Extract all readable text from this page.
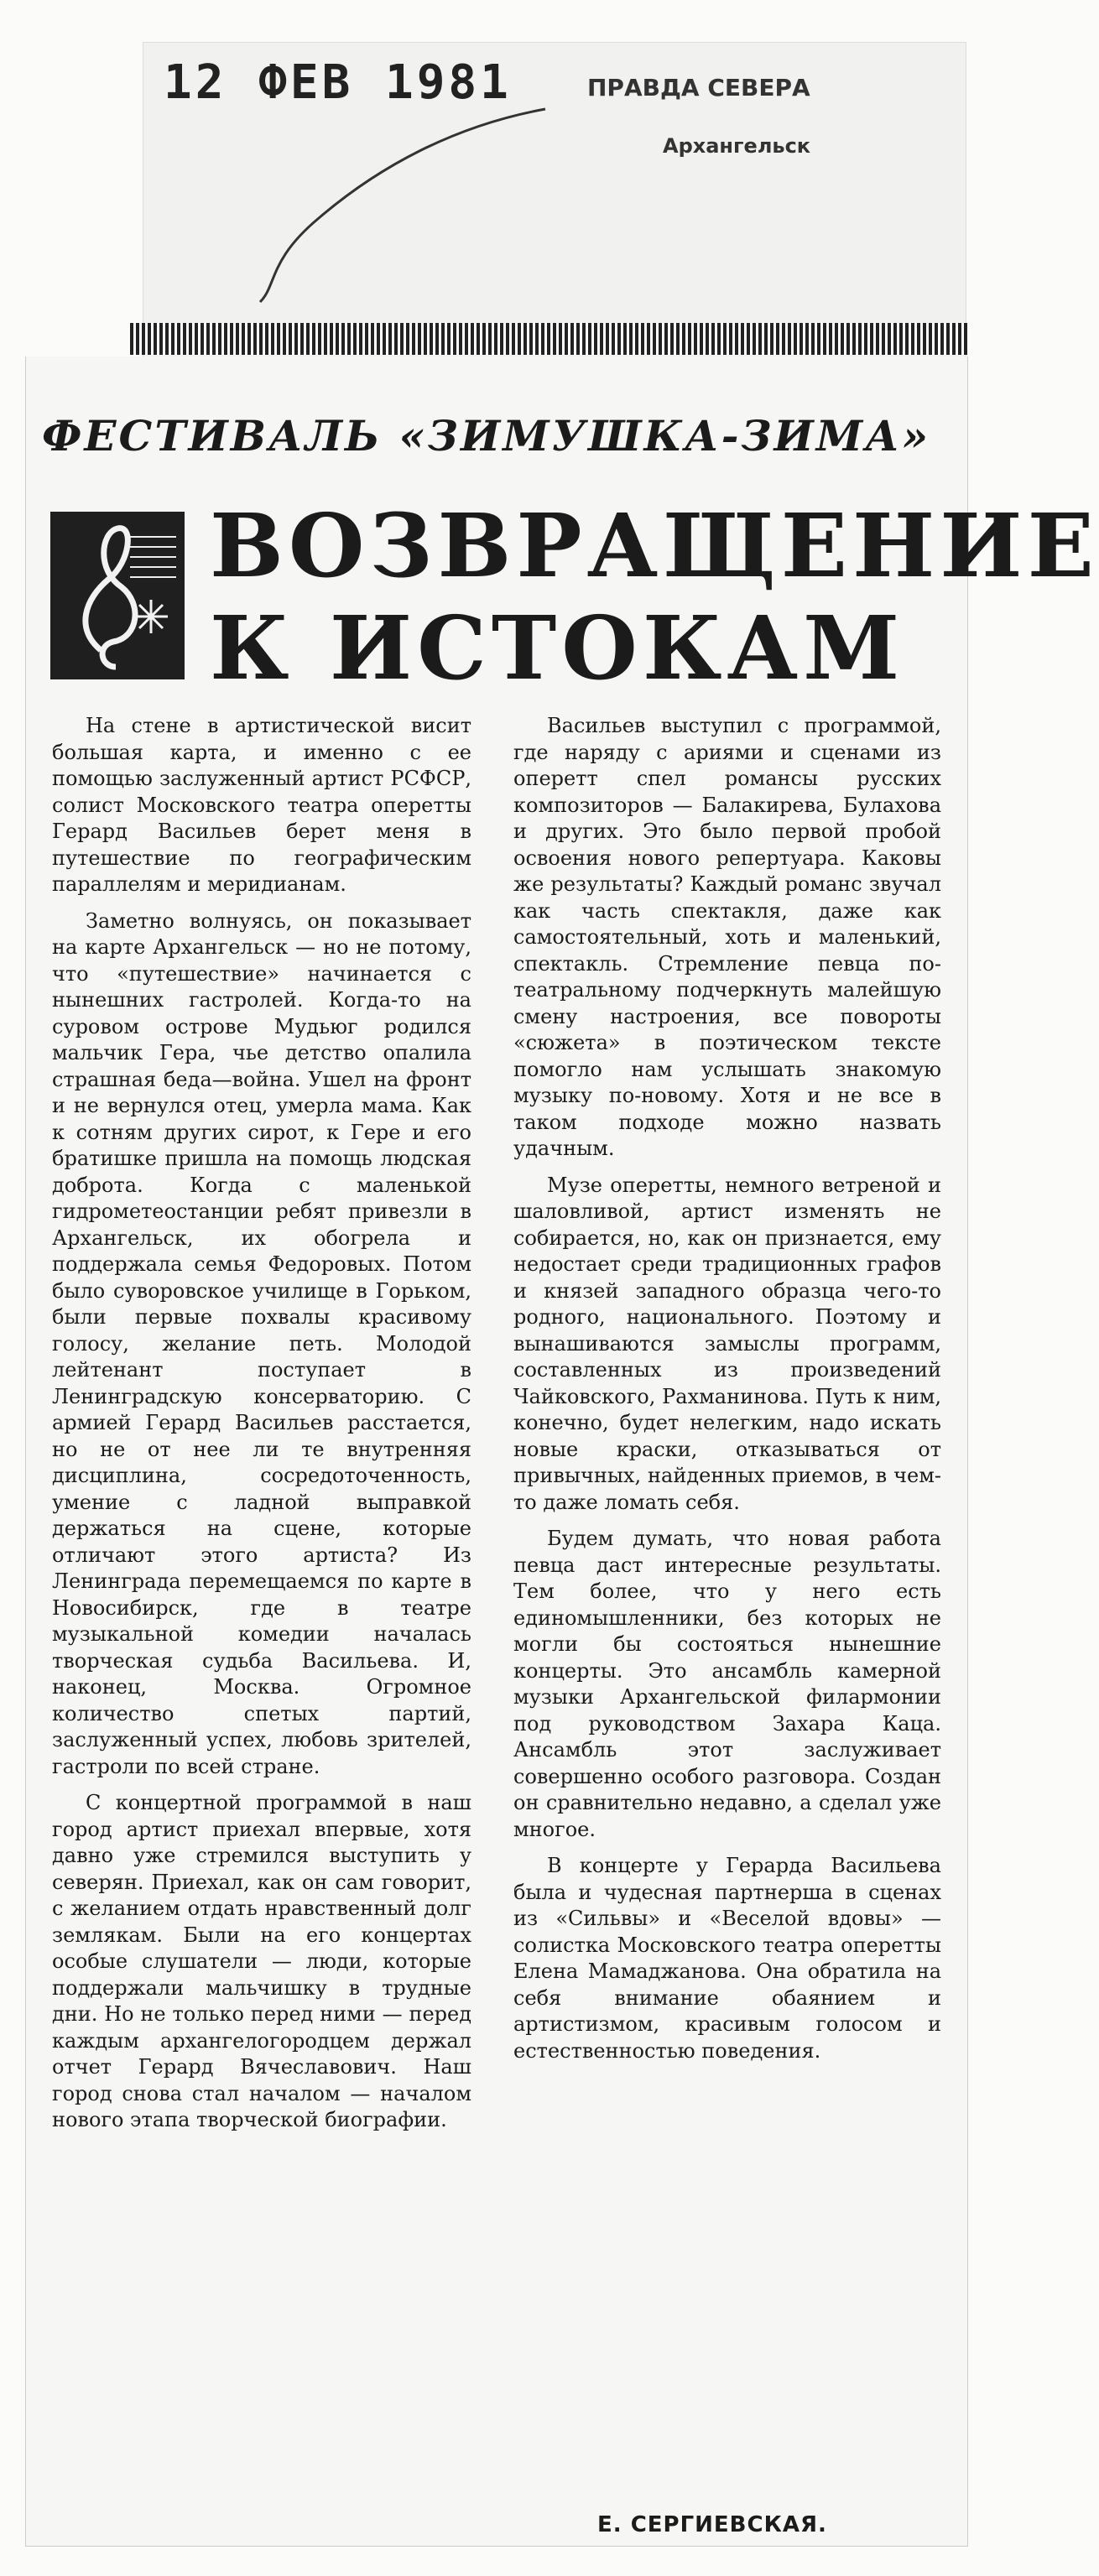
12 ФЕВ 1981	ПРАВДА СЕВЕРА
Архангельск
ФЕСТИВАЛЬ «ЗИМУШКА-ЗИМА»
ВОЗВРАЩЕНИЕ
К ИСТОКАМ

На стене в артистической висит большая карта, и именно с ее помощью заслуженный артист РСФСР, солист Московского театра оперетты Герард Васильев берет меня в путешествие по географическим параллелям и меридианам.

Заметно волнуясь, он показывает на карте Архангельск — но не потому, что «путешествие» начинается с нынешних гастролей. Когда-то на суровом острове Мудьюг родился мальчик Гера, чье детство опалила страшная беда—война. Ушел на фронт и не вернулся отец, умерла мама. Как к сотням других сирот, к Гере и его братишке пришла на помощь людская доброта. Когда с маленькой гидрометеостанции ребят привезли в Архангельск, их обогрела и поддержала семья Федоровых. Потом было суворовское училище в Горьком, были первые похвалы красивому голосу, желание петь. Молодой лейтенант поступает в Ленинградскую консерваторию. С армией Герард Васильев расстается, но не от нее ли те внутренняя дисциплина, сосредоточенность, умение с ладной выправкой держаться на сцене, которые отличают этого артиста? Из Ленинграда перемещаемся по карте в Новосибирск, где в театре музыкальной комедии началась творческая судьба Васильева. И, наконец, Москва. Огромное количество спетых партий, заслуженный успех, любовь зрителей, гастроли по всей стране.

С концертной программой в наш город артист приехал впервые, хотя давно уже стремился выступить у северян. Приехал, как он сам говорит, с желанием отдать нравственный долг землякам. Были на его концертах особые слушатели — люди, которые поддержали мальчишку в трудные дни. Но не только перед ними — перед каждым архангелогородцем держал отчет Герард Вячеславович. Наш город снова стал началом — началом нового этапа творческой биографии.

Васильев выступил с программой, где наряду с ариями и сценами из оперетт спел романсы русских композиторов — Балакирева, Булахова и других. Это было первой пробой освоения нового репертуара. Каковы же результаты? Каждый романс звучал как часть спектакля, даже как самостоятельный, хоть и маленький, спектакль. Стремление певца по-театральному подчеркнуть малейшую смену настроения, все повороты «сюжета» в поэтическом тексте помогло нам услышать знакомую музыку по-новому. Хотя и не все в таком подходе можно назвать удачным.

Музе оперетты, немного ветреной и шаловливой, артист изменять не собирается, но, как он признается, ему недостает среди традиционных графов и князей западного образца чего-то родного, национального. Поэтому и вынашиваются замыслы программ, составленных из произведений Чайковского, Рахманинова. Путь к ним, конечно, будет нелегким, надо искать новые краски, отказываться от привычных, найденных приемов, в чем-то даже ломать себя.

Будем думать, что новая работа певца даст интересные результаты. Тем более, что у него есть единомышленники, без которых не могли бы состояться нынешние концерты. Это ансамбль камерной музыки Архангельской филармонии под руководством Захара Каца. Ансамбль этот заслуживает совершенно особого разговора. Создан он сравнительно недавно, а сделал уже многое.

В концерте у Герарда Васильева была и чудесная партнерша в сценах из «Сильвы» и «Веселой вдовы» — солистка Московского театра оперетты Елена Мамаджанова. Она обратила на себя внимание обаянием и артистизмом, красивым голосом и естественностью поведения.

Е. СЕРГИЕВСКАЯ.
